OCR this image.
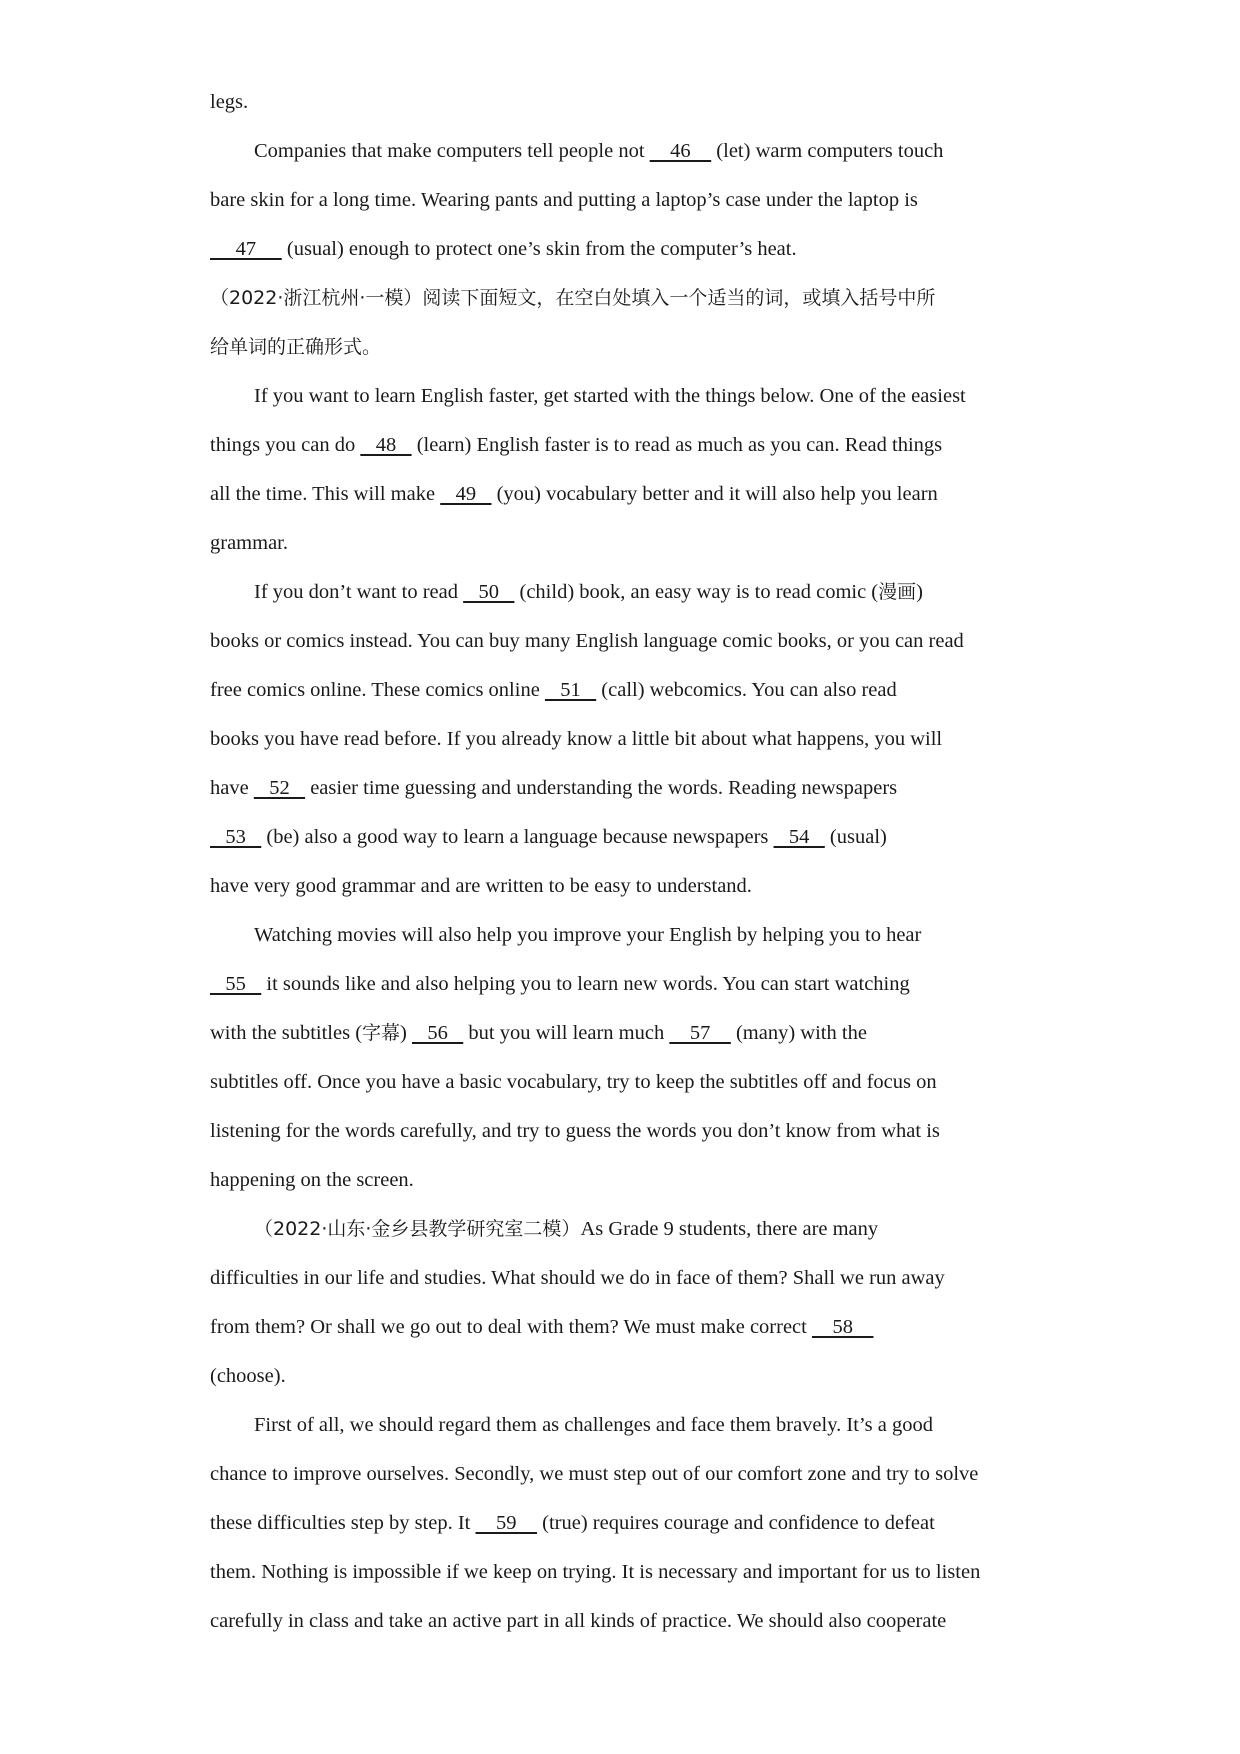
legs.
Companies that make computers tell people not     46     (let) warm computers touch
bare skin for a long time. Wearing pants and putting a laptop’s case under the laptop is
47      (usual) enough to protect one’s skin from the computer’s heat.
（2022·浙江杭州·一模）阅读下面短文，在空白处填入一个适当的词，或填入括号中所
给单词的正确形式。
If you want to learn English faster, get started with the things below. One of the easiest
things you can do    48    (learn) English faster is to read as much as you can. Read things
all the time. This will make    49    (you) vocabulary better and it will also help you learn
grammar.
If you don’t want to read    50    (child) book, an easy way is to read comic (漫画)
books or comics instead. You can buy many English language comic books, or you can read
free comics online. These comics online    51    (call) webcomics. You can also read
books you have read before. If you already know a little bit about what happens, you will
have    52    easier time guessing and understanding the words. Reading newspapers
53    (be) also a good way to learn a language because newspapers    54    (usual)
have very good grammar and are written to be easy to understand.
Watching movies will also help you improve your English by helping you to hear
55    it sounds like and also helping you to learn new words. You can start watching
with the subtitles (字幕)    56    but you will learn much     57     (many) with the
subtitles off. Once you have a basic vocabulary, try to keep the subtitles off and focus on
listening for the words carefully, and try to guess the words you don’t know from what is
happening on the screen.
（2022·山东·金乡县教学研究室二模）As Grade 9 students, there are many
difficulties in our life and studies. What should we do in face of them? Shall we run away
from them? Or shall we go out to deal with them? We must make correct     58
(choose).
First of all, we should regard them as challenges and face them bravely. It’s a good
chance to improve ourselves. Secondly, we must step out of our comfort zone and try to solve
these difficulties step by step. It     59     (true) requires courage and confidence to defeat
them. Nothing is impossible if we keep on trying. It is necessary and important for us to listen
carefully in class and take an active part in all kinds of practice. We should also cooperate
